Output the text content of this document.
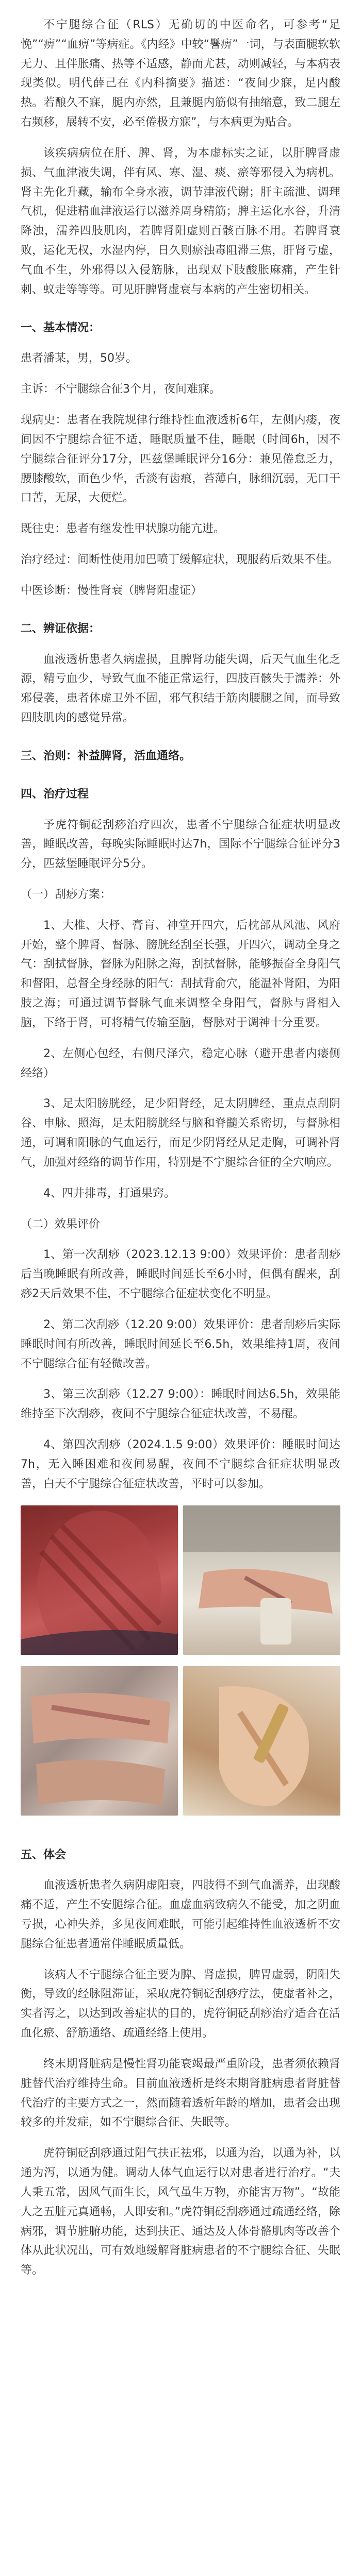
不宁腿综合征（RLS）无确切的中医命名，可参考“足悗”“痹”“血痹”等病症。《内经》中较“鬐痹”一词，与表面腿软软无力、且伴胀痛、热等不适感，静而尤甚，动则减轻，与本病表现类似。明代薛己在《内科摘要》描述：“夜间少寐，足内酸热。若酿久不寐，腿内亦然，且兼腿内筋似有抽缩意，致二腿左右频移，展转不安，必至倦极方寐”，与本病更为贴合。

该疾病病位在肝、脾、肾，为本虚标实之证，以肝脾肾虚损、气血津液失调，伴有风、寒、湿、痰、瘀等邪侵入为病机。肾主先化升藏，输布全身水液，调节津液代谢；肝主疏泄、调理气机，促进精血津液运行以滋养周身精筋；脾主运化水谷，升清降浊，濡养四肢肌肉，若脾肾阳虚则百骸百脉不用。若脾肾衰败，运化无权，水湿内停，日久则瘀浊毒阻滞三焦，肝肾亏虚，气血不生，外邪得以入侵筋脉，出现双下肢酸胀麻痛，产生针刺、蚁走等等等。可见肝脾肾虚衰与本病的产生密切相关。

一、基本情况：

患者潘某，男，50岁。

主诉：不宁腿综合征3个月，夜间难寐。

现病史：患者在我院规律行维持性血液透析6年，左侧内瘘，夜间因不宁腿综合征不适，睡眠质量不佳，睡眠（时间6h，因不宁腿综合征评分17分，匹兹堡睡眠评分16分：兼见倦怠乏力，腰膝酸软，面色少华，舌淡有齿痕，苔薄白，脉细沉弱，无口干口苦，无尿，大便烂。

既往史：患者有继发性甲状腺功能亢进。

治疗经过：间断性使用加巴喷丁缓解症状，现服药后效果不佳。

中医诊断：慢性肾衰（脾肾阳虚证）

二、辨证依据：

血液透析患者久病虚损，且脾肾功能失调，后天气血生化乏源，精亏血少，导致气血不能正常运行，四肢百骸失于濡养：外邪侵袭，患者体虚卫外不固，邪气积结于筋肉腰腿之间，而导致四肢肌肉的感觉异常。

三、治则：补益脾肾，活血通络。
四、治疗过程

予虎符铜砭刮痧治疗四次，患者不宁腿综合征症状明显改善，睡眠改善，每晚实际睡眠时达7h，国际不宁腿综合征评分3分，匹兹堡睡眠评分5分。

（一）刮痧方案：

1、大椎、大杼、膏肓、神堂开四穴，后枕部从风池、风府开始，整个脾肾、督脉、膀胱经刮至长强，开四穴，调动全身之气：刮拭督脉，督脉为阳脉之海，刮拭督脉，能够振奋全身阳气和督阳，总督全身经脉的阳气：刮拭背俞穴，能温补肾阳，为阳肢之海；可通过调节督脉气血来调整全身阳气，督脉与肾相入脑，下络于肾，可将精气传输至脑，督脉对于调神十分重要。

2、左侧心包经，右侧尺泽穴，稳定心脉（避开患者内瘘侧经络）

3、足太阳膀胱经，足少阳肾经，足太阴脾经，重点点刮阴谷、申脉、照海，足太阳膀胱经与脑和脊髓关系密切，与督脉相通，可调和阳脉的气血运行，而足少阴肾经从足走胸，可调补肾气，加强对经络的调节作用，特别是不宁腿综合征的全穴响应。

4、四井排毒，打通果窍。

（二）效果评价

1、第一次刮痧（2023.12.13 9:00）效果评价：患者刮痧后当晚睡眠有所改善，睡眠时间延长至6小时，但偶有醒来，刮痧2天后效果不佳，不宁腿综合征症状变化不明显。

2、第二次刮痧（12.20 9:00）效果评价：患者刮痧后实际睡眠时间有所改善，睡眠时间延长至6.5h，效果维持1周，夜间不宁腿综合征有轻微改善。

3、第三次刮痧（12.27 9:00）：睡眠时间达6.5h，效果能维持至下次刮痧，夜间不宁腿综合征症状改善，不易醒。

4、第四次刮痧（2024.1.5 9:00）效果评价：睡眠时间达7h，无入睡困难和夜间易醒，夜间不宁腿综合征症状明显改善，白天不宁腿综合征症状改善，平时可以参加。

五、体会

血液透析患者久病阴虚阳衰，四肢得不到气血濡养，出现酸痛不适，产生不安腿综合征。血虚血病致病久不能受，加之阴血亏损，心神失养，多见夜间难眠，可能引起维持性血液透析不安腿综合征患者通常伴睡眠质量低。

该病人不宁腿综合征主要为脾、肾虚损，脾胃虚弱，阴阳失衡，导致的经脉阻滞证，采取虎符铜砭刮痧疗法，使虚者补之，实者泻之，以达到改善症状的目的，虎符铜砭刮痧治疗适合在活血化瘀、舒筋通络、疏通经络上使用。

终末期肾脏病是慢性肾功能衰竭最严重阶段，患者须依赖肾脏替代治疗维持生命。目前血液透析是终末期肾脏病患者肾脏替代治疗的主要方式之一，然而随着透析年龄的增加，患者会出现较多的并发症，如不宁腿综合征、失眠等。

虎符铜砭刮痧通过阳气扶正祛邪，以通为治，以通为补，以通为泻，以通为健。调动人体气血运行以对患者进行治疗。“夫人秉五常，因风气而生长，风气虽生万物，亦能害万物”。“故能人之五脏元真通畅，人即安和。”虎符铜砭刮痧通过疏通经络，除病邪，调节脏腑功能，达到扶正、通达及人体骨骼肌肉等改善个体从此状况出，可有效地缓解肾脏病患者的不宁腿综合征、失眠等。
